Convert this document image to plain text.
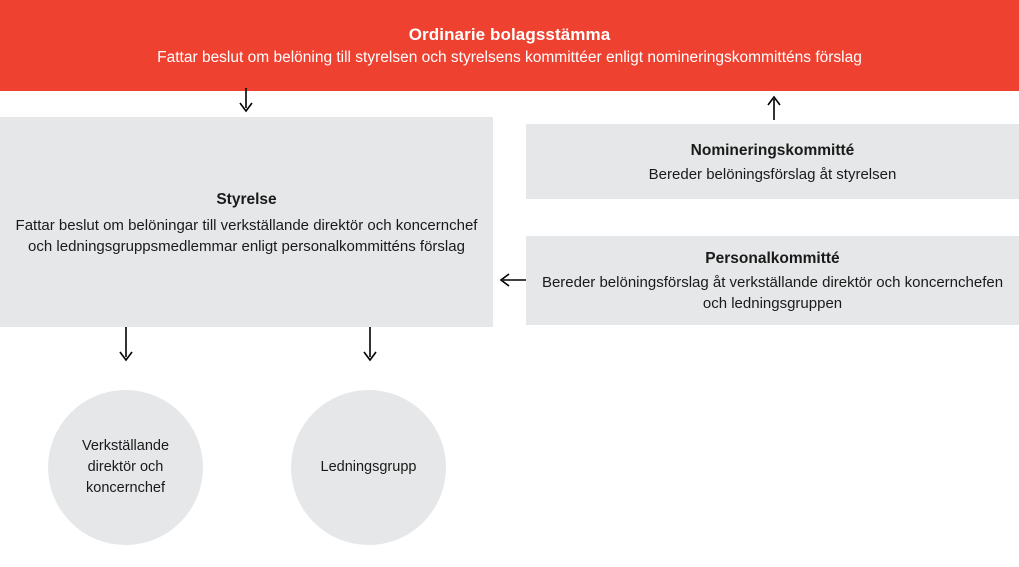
Ordinarie bolagsstämma
Fattar beslut om belöning till styrelsen och styrelsens kommittéer enligt nomineringskommitténs förslag
Styrelse
Fattar beslut om belöningar till verkställande direktör och koncernchef och ledningsgruppsmedlemmar enligt personalkommitténs förslag
Nomineringskommitté
Bereder belöningsförslag åt styrelsen
Personalkommitté
Bereder belöningsförslag åt verkställande direktör och koncernchefen och ledningsgruppen
Verkställande direktör och koncernchef
Ledningsgrupp
